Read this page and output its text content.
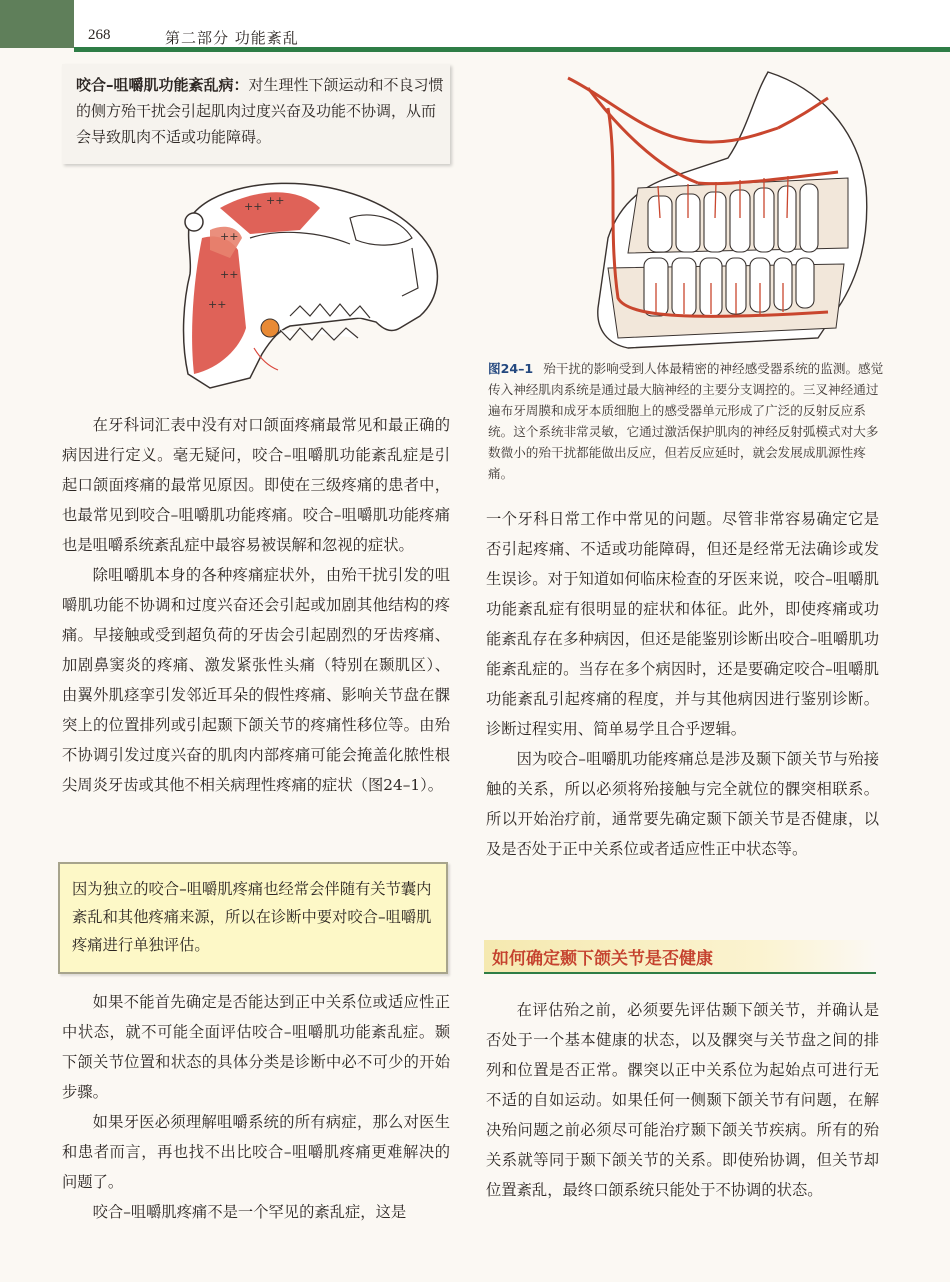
268	第二部分 功能紊乱
咬合–咀嚼肌功能紊乱病：对生理性下颌运动和不良习惯的侧方殆干扰会引起肌肉过度兴奋及功能不协调，从而会导致肌肉不适或功能障碍。
++ ++
++
++
++
图24–1 殆干扰的影响受到人体最精密的神经感受器系统的监测。感觉传入神经肌肉系统是通过最大脑神经的主要分支调控的。三叉神经通过遍布牙周膜和成牙本质细胞上的感受器单元形成了广泛的反射反应系统。这个系统非常灵敏，它通过激活保护肌肉的神经反射弧模式对大多数微小的殆干扰都能做出反应，但若反应延时，就会发展成肌源性疼痛。

在牙科词汇表中没有对口颌面疼痛最常见和最正确的病因进行定义。毫无疑问，咬合–咀嚼肌功能紊乱症是引起口颌面疼痛的最常见原因。即使在三级疼痛的患者中，也最常见到咬合–咀嚼肌功能疼痛。咬合–咀嚼肌功能疼痛也是咀嚼系统紊乱症中最容易被误解和忽视的症状。

除咀嚼肌本身的各种疼痛症状外，由殆干扰引发的咀嚼肌功能不协调和过度兴奋还会引起或加剧其他结构的疼痛。早接触或受到超负荷的牙齿会引起剧烈的牙齿疼痛、加剧鼻窦炎的疼痛、激发紧张性头痛（特别在颞肌区）、由翼外肌痉挛引发邻近耳朵的假性疼痛、影响关节盘在髁突上的位置排列或引起颞下颌关节的疼痛性移位等。由殆不协调引发过度兴奋的肌肉内部疼痛可能会掩盖化脓性根尖周炎牙齿或其他不相关病理性疼痛的症状（图24–1）。

因为独立的咬合–咀嚼肌疼痛也经常会伴随有关节囊内紊乱和其他疼痛来源，所以在诊断中要对咬合–咀嚼肌疼痛进行单独评估。

如果不能首先确定是否能达到正中关系位或适应性正中状态，就不可能全面评估咬合–咀嚼肌功能紊乱症。颞下颌关节位置和状态的具体分类是诊断中必不可少的开始步骤。

如果牙医必须理解咀嚼系统的所有病症，那么对医生和患者而言，再也找不出比咬合–咀嚼肌疼痛更难解决的问题了。

咬合–咀嚼肌疼痛不是一个罕见的紊乱症，这是

一个牙科日常工作中常见的问题。尽管非常容易确定它是否引起疼痛、不适或功能障碍，但还是经常无法确诊或发生误诊。对于知道如何临床检查的牙医来说，咬合–咀嚼肌功能紊乱症有很明显的症状和体征。此外，即使疼痛或功能紊乱存在多种病因，但还是能鉴别诊断出咬合–咀嚼肌功能紊乱症的。当存在多个病因时，还是要确定咬合–咀嚼肌功能紊乱引起疼痛的程度，并与其他病因进行鉴别诊断。诊断过程实用、简单易学且合乎逻辑。

因为咬合–咀嚼肌功能疼痛总是涉及颞下颌关节与殆接触的关系，所以必须将殆接触与完全就位的髁突相联系。所以开始治疗前，通常要先确定颞下颌关节是否健康，以及是否处于正中关系位或者适应性正中状态等。

如何确定颞下颌关节是否健康

在评估殆之前，必须要先评估颞下颌关节，并确认是否处于一个基本健康的状态，以及髁突与关节盘之间的排列和位置是否正常。髁突以正中关系位为起始点可进行无不适的自如运动。如果任何一侧颞下颌关节有问题，在解决殆问题之前必须尽可能治疗颞下颌关节疾病。所有的殆关系就等同于颞下颌关节的关系。即使殆协调，但关节却位置紊乱，最终口颌系统只能处于不协调的状态。
